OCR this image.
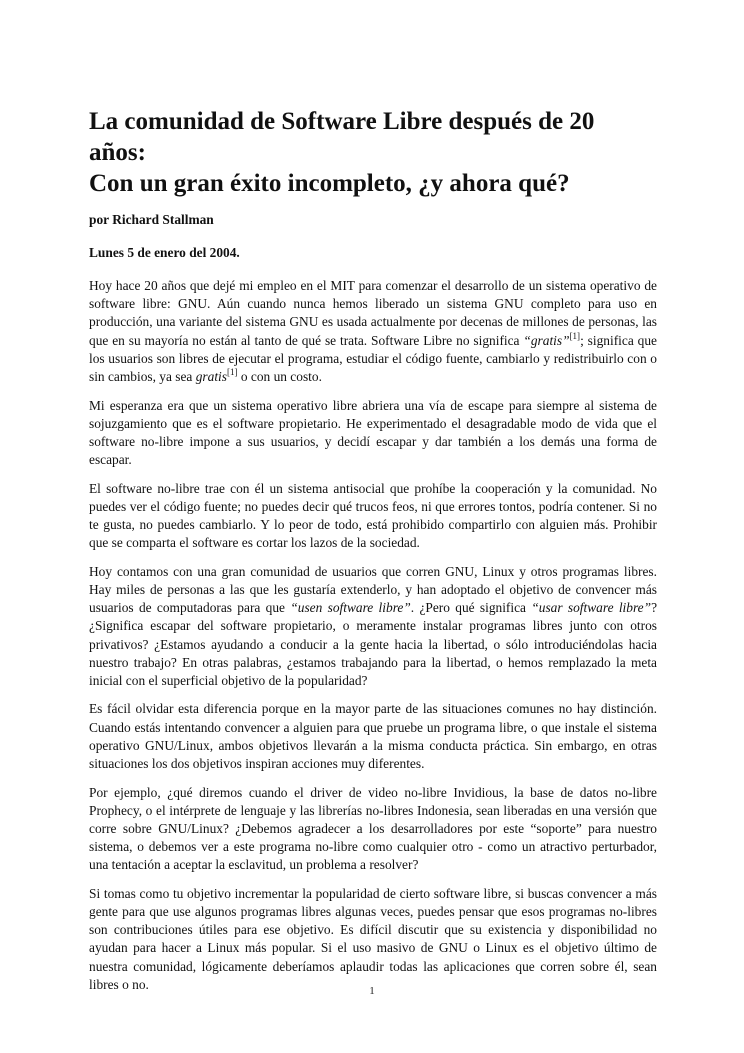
La comunidad de Software Libre después de 20 años:
Con un gran éxito incompleto, ¿y ahora qué?

por Richard Stallman

Lunes 5 de enero del 2004.

Hoy hace 20 años que dejé mi empleo en el MIT para comenzar el desarrollo de un sistema operativo de software libre: GNU. Aún cuando nunca hemos liberado un sistema GNU completo para uso en producción, una variante del sistema GNU es usada actualmente por decenas de millones de personas, las que en su mayoría no están al tanto de qué se trata. Software Libre no significa “gratis”[1]; significa que los usuarios son libres de ejecutar el programa, estudiar el código fuente, cambiarlo y redistribuirlo con o sin cambios, ya sea gratis[1] o con un costo.

Mi esperanza era que un sistema operativo libre abriera una vía de escape para siempre al sistema de sojuzgamiento que es el software propietario. He experimentado el desagradable modo de vida que el software no-libre impone a sus usuarios, y decidí escapar y dar también a los demás una forma de escapar.

El software no-libre trae con él un sistema antisocial que prohíbe la cooperación y la comunidad. No puedes ver el código fuente; no puedes decir qué trucos feos, ni que errores tontos, podría contener. Si no te gusta, no puedes cambiarlo. Y lo peor de todo, está prohibido compartirlo con alguien más. Prohibir que se comparta el software es cortar los lazos de la sociedad.

Hoy contamos con una gran comunidad de usuarios que corren GNU, Linux y otros programas libres. Hay miles de personas a las que les gustaría extenderlo, y han adoptado el objetivo de convencer más usuarios de computadoras para que “usen software libre”. ¿Pero qué significa “usar software libre”? ¿Significa escapar del software propietario, o meramente instalar programas libres junto con otros privativos? ¿Estamos ayudando a conducir a la gente hacia la libertad, o sólo introduciéndolas hacia nuestro trabajo? En otras palabras, ¿estamos trabajando para la libertad, o hemos remplazado la meta inicial con el superficial objetivo de la popularidad?

Es fácil olvidar esta diferencia porque en la mayor parte de las situaciones comunes no hay distinción. Cuando estás intentando convencer a alguien para que pruebe un programa libre, o que instale el sistema operativo GNU/Linux, ambos objetivos llevarán a la misma conducta práctica. Sin embargo, en otras situaciones los dos objetivos inspiran acciones muy diferentes.

Por ejemplo, ¿qué diremos cuando el driver de video no-libre Invidious, la base de datos no-libre Prophecy, o el intérprete de lenguaje y las librerías no-libres Indonesia, sean liberadas en una versión que corre sobre GNU/Linux? ¿Debemos agradecer a los desarrolladores por este “soporte” para nuestro sistema, o debemos ver a este programa no-libre como cualquier otro - como un atractivo perturbador, una tentación a aceptar la esclavitud, un problema a resolver?

Si tomas como tu objetivo incrementar la popularidad de cierto software libre, si buscas convencer a más gente para que use algunos programas libres algunas veces, puedes pensar que esos programas no-libres son contribuciones útiles para ese objetivo. Es difícil discutir que su existencia y disponibilidad no ayudan para hacer a Linux más popular. Si el uso masivo de GNU o Linux es el objetivo último de nuestra comunidad, lógicamente deberíamos aplaudir todas las aplicaciones que corren sobre él, sean libres o no.	1
